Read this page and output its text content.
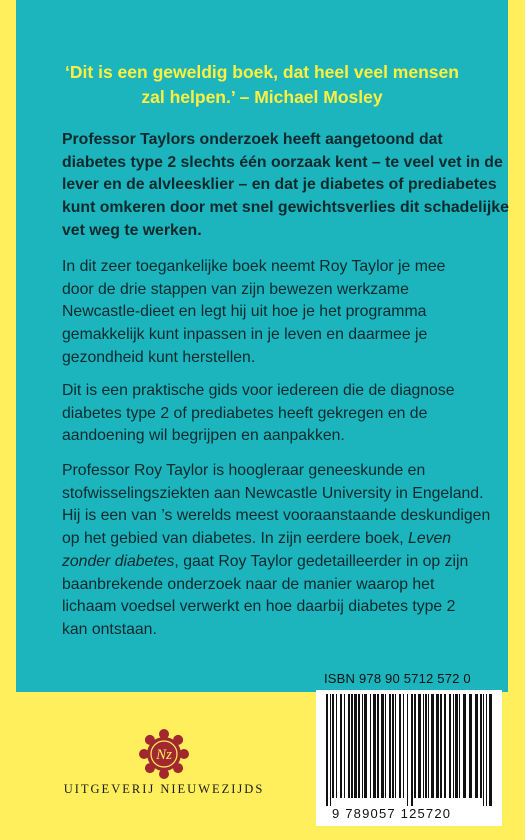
‘Dit is een geweldig boek, dat heel veel mensen
zal helpen.’ – Michael Mosley
Professor Taylors onderzoek heeft aangetoond dat
diabetes type 2 slechts één oorzaak kent – te veel vet in de
lever en de alvleesklier – en dat je diabetes of prediabetes
kunt omkeren door met snel gewichtsverlies dit schadelijke
vet weg te werken.
In dit zeer toegankelijke boek neemt Roy Taylor je mee
door de drie stappen van zijn bewezen werkzame
Newcastle-dieet en legt hij uit hoe je het programma
gemakkelijk kunt inpassen in je leven en daarmee je
gezondheid kunt herstellen.
Dit is een praktische gids voor iedereen die de diagnose
diabetes type 2 of prediabetes heeft gekregen en de
aandoening wil begrijpen en aanpakken.
Professor Roy Taylor is hoogleraar geneeskunde en
stofwisselingsziekten aan Newcastle University in Engeland.
Hij is een van ’s werelds meest vooraanstaande deskundigen
op het gebied van diabetes. In zijn eerdere boek, Leven
zonder diabetes, gaat Roy Taylor gedetailleerder in op zijn
baanbrekende onderzoek naar de manier waarop het
lichaam voedsel verwerkt en hoe daarbij diabetes type 2
kan ontstaan.
ISBN 978 90 5712 572 0
9 789057 125720
Nz
UITGEVERIJ NIEUWEZIJDS
